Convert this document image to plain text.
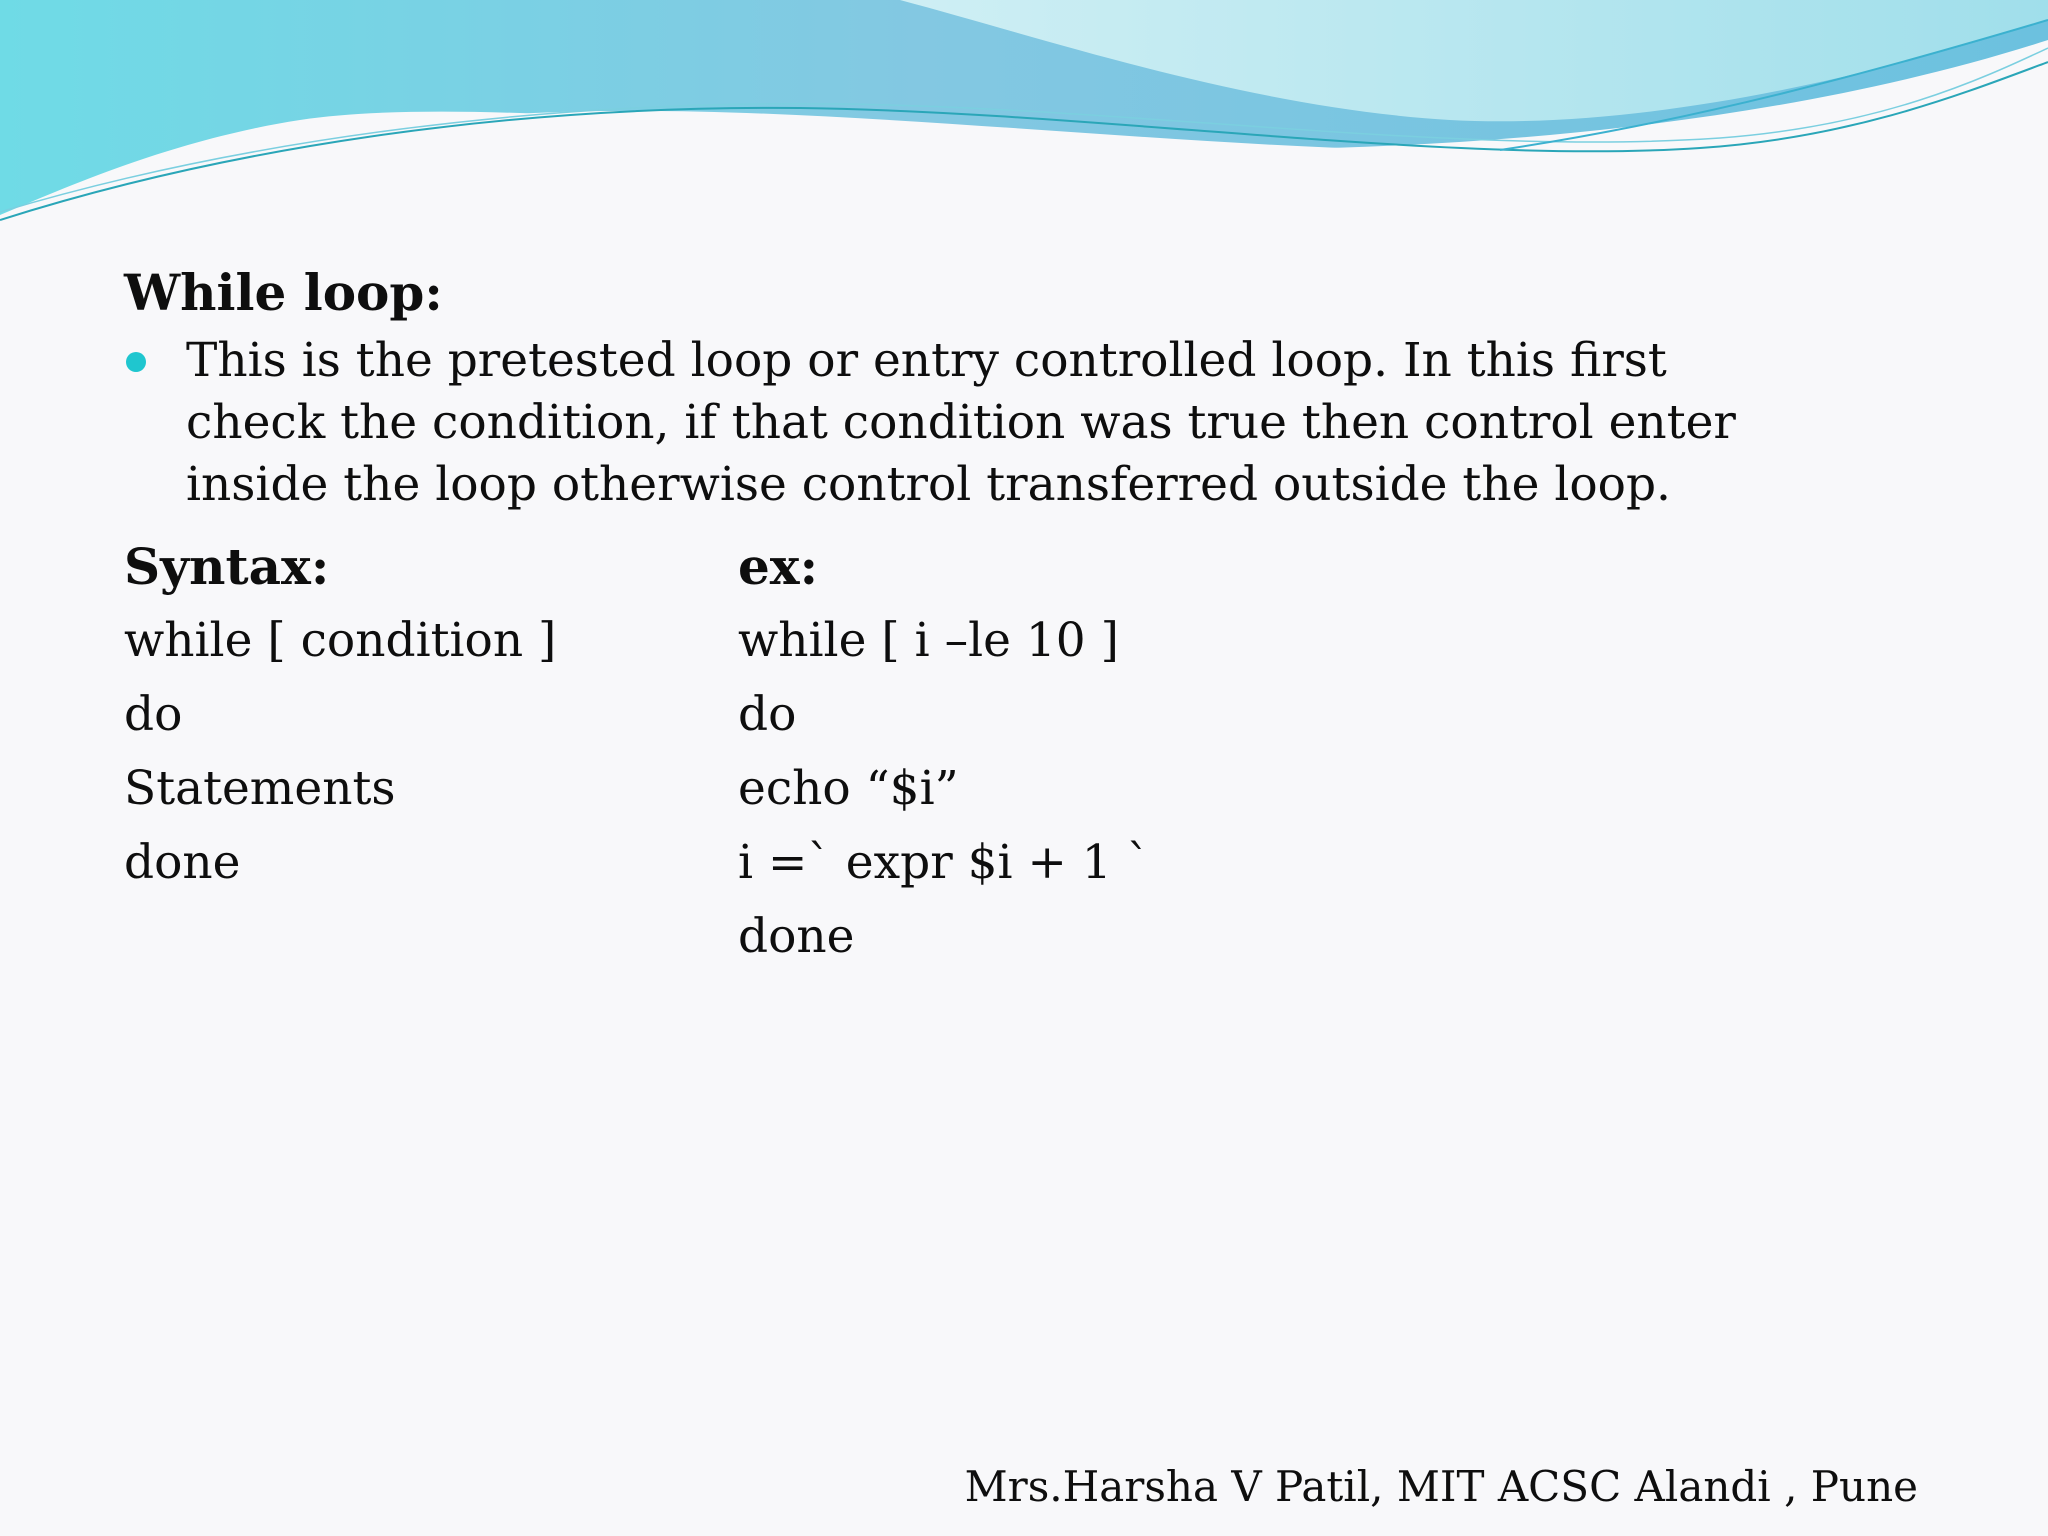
While loop:
This is the pretested loop or entry controlled loop. In this first check the condition, if that condition was true then control enter inside the loop otherwise control transferred outside the loop.
Syntax:
while [ condition ]
do
Statements
done
ex:
while [ i –le 10 ]
do
echo “$i”
i =` expr $i + 1 `
done
Mrs.Harsha V Patil, MIT ACSC Alandi , Pune
